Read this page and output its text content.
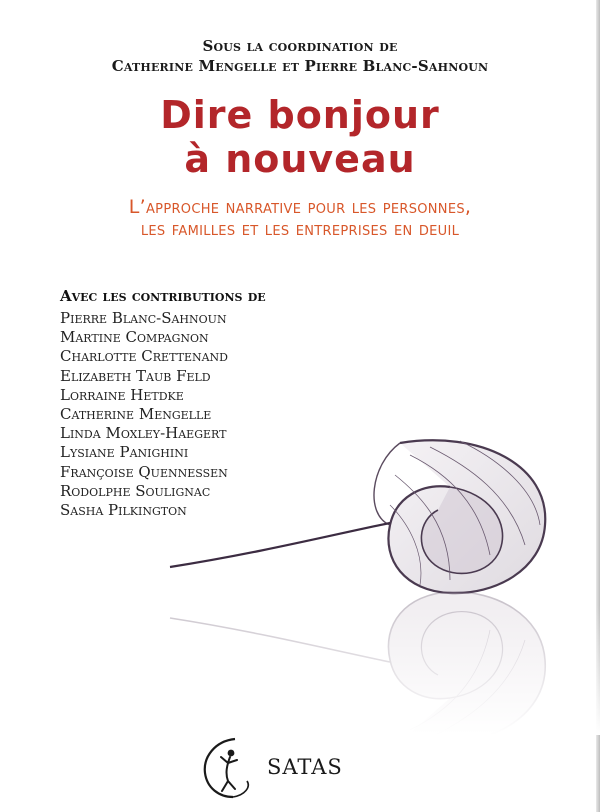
Sous la coordination de
Catherine Mengelle et Pierre Blanc-Sahnoun
Dire bonjour
à nouveau
L’approche narrative pour les personnes,
les familles et les entreprises en deuil
Avec les contributions de
Pierre Blanc-Sahnoun
Martine Compagnon
Charlotte Crettenand
Elizabeth Taub Feld
Lorraine Hetdke
Catherine Mengelle
Linda Moxley-Haegert
Lysiane Panighini
Françoise Quennessen
Rodolphe Soulignac
Sasha Pilkington
SATAS
